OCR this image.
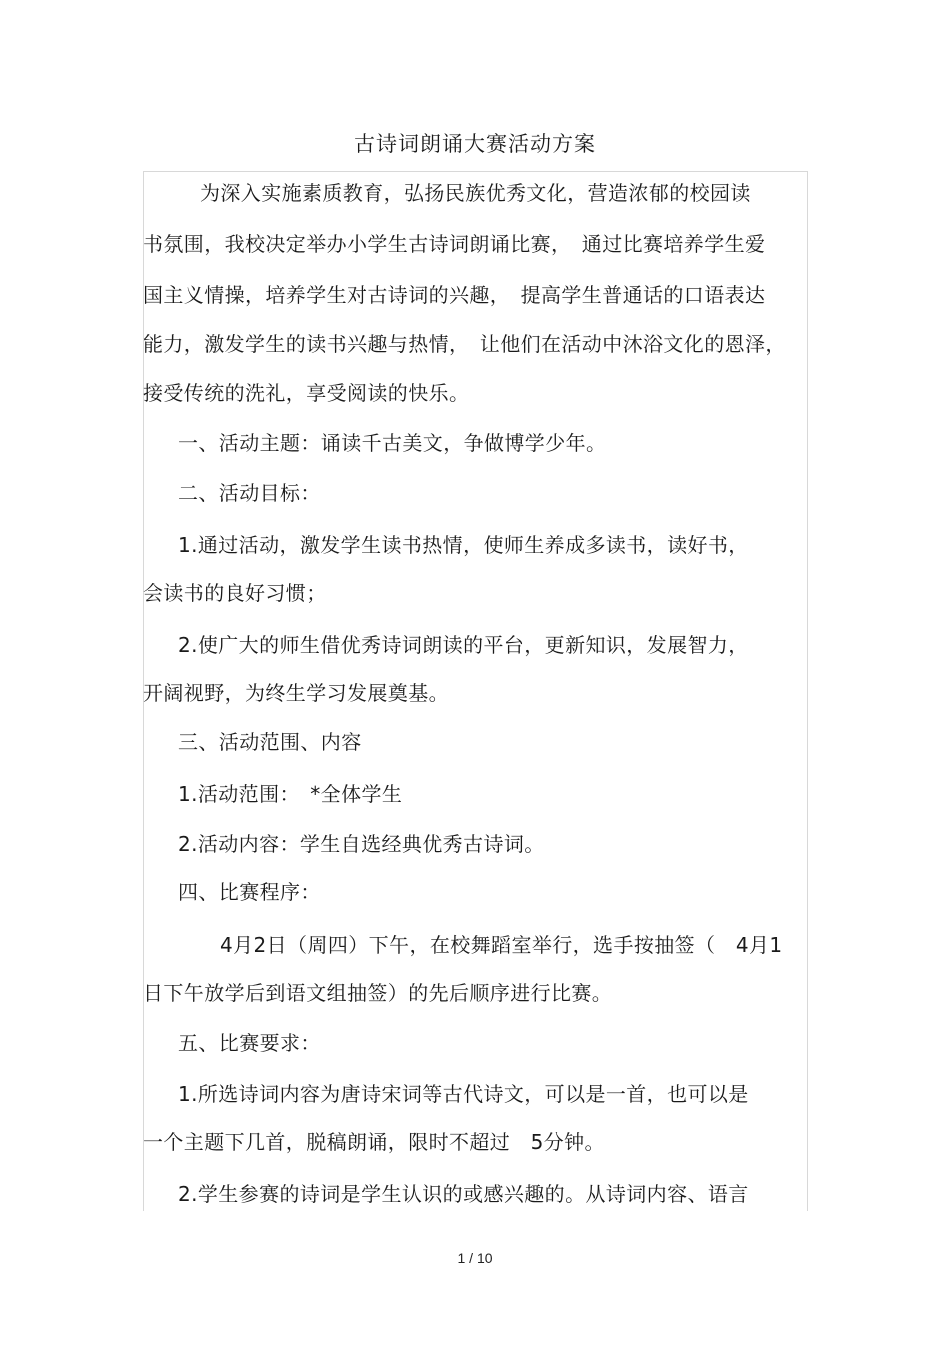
古诗词朗诵大赛活动方案
为深入实施素质教育，弘扬民族优秀文化，营造浓郁的校园读
书氛围，我校决定举办小学生古诗词朗诵比赛，　通过比赛培养学生爱
国主义情操，培养学生对古诗词的兴趣，　提高学生普通话的口语表达
能力，激发学生的读书兴趣与热情，　让他们在活动中沐浴文化的恩泽，
接受传统的洗礼，享受阅读的快乐。
一、活动主题：诵读千古美文，争做博学少年。
二、活动目标：
1.通过活动，激发学生读书热情，使师生养成多读书，读好书，
会读书的良好习惯；
2.使广大的师生借优秀诗词朗读的平台，更新知识，发展智力，
开阔视野，为终生学习发展奠基。
三、活动范围、内容
1.活动范围：　*全体学生
2.活动内容：学生自选经典优秀古诗词。
四、比赛程序：
4月2日（周四）下午，在校舞蹈室举行，选手按抽签（　4月1
日下午放学后到语文组抽签）的先后顺序进行比赛。
五、比赛要求：
1.所选诗词内容为唐诗宋词等古代诗文，可以是一首，也可以是
一个主题下几首，脱稿朗诵，限时不超过　5分钟。
2.学生参赛的诗词是学生认识的或感兴趣的。从诗词内容、语言
1 / 10
